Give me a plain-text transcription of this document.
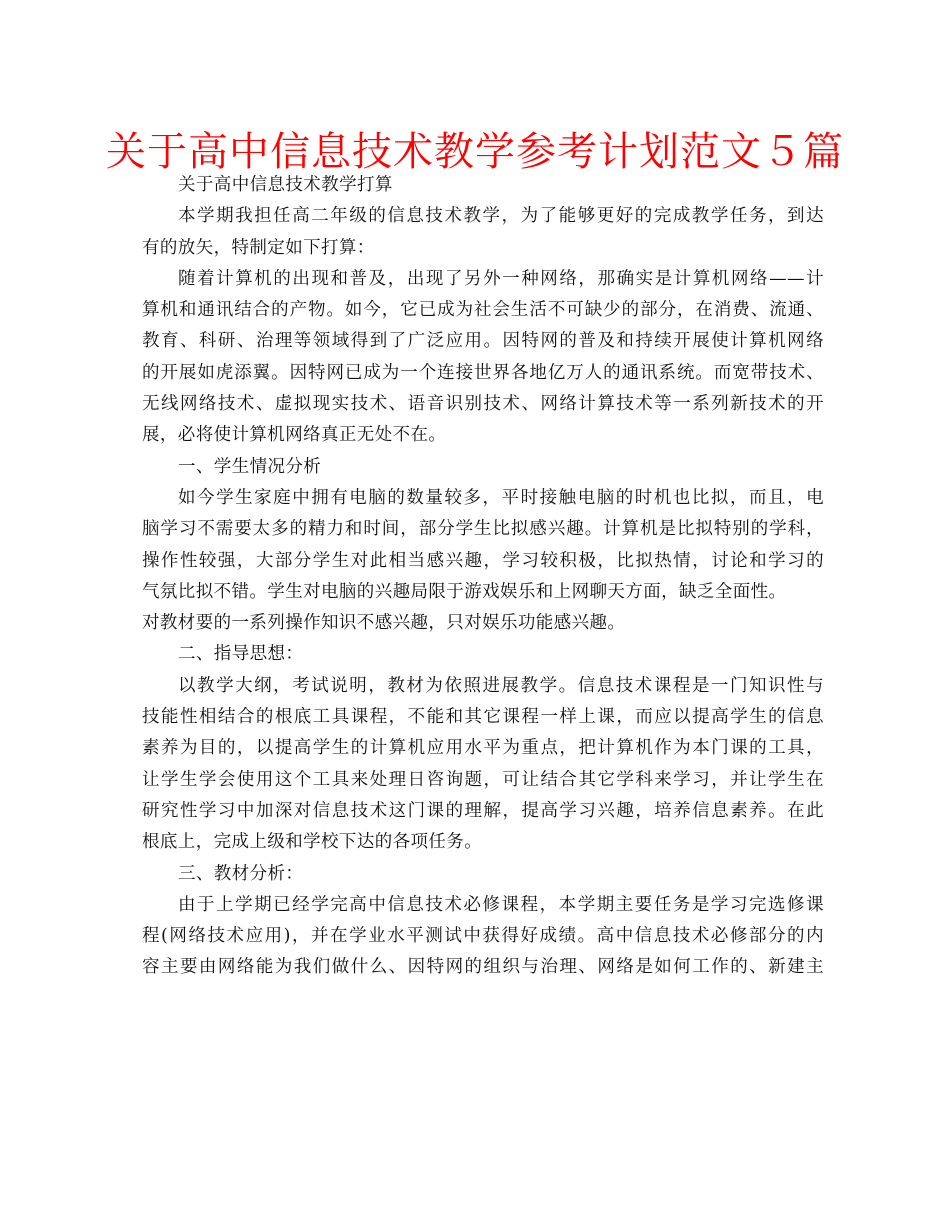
关于高中信息技术教学参考计划范文５篇
关于高中信息技术教学打算
本学期我担任高二年级的信息技术教学，为了能够更好的完成教学任务，到达
有的放矢，特制定如下打算：
随着计算机的出现和普及，出现了另外一种网络，那确实是计算机网络——计
算机和通讯结合的产物。如今，它已成为社会生活不可缺少的部分，在消费、流通、
教育、科研、治理等领域得到了广泛应用。因特网的普及和持续开展使计算机网络
的开展如虎添翼。因特网已成为一个连接世界各地亿万人的通讯系统。而宽带技术、
无线网络技术、虚拟现实技术、语音识别技术、网络计算技术等一系列新技术的开
展，必将使计算机网络真正无处不在。
一、学生情况分析
如今学生家庭中拥有电脑的数量较多，平时接触电脑的时机也比拟，而且，电
脑学习不需要太多的精力和时间，部分学生比拟感兴趣。计算机是比拟特别的学科，
操作性较强，大部分学生对此相当感兴趣，学习较积极，比拟热情，讨论和学习的
气氛比拟不错。学生对电脑的兴趣局限于游戏娱乐和上网聊天方面，缺乏全面性。
对教材要的一系列操作知识不感兴趣，只对娱乐功能感兴趣。
二、指导思想：
以教学大纲，考试说明，教材为依照进展教学。信息技术课程是一门知识性与
技能性相结合的根底工具课程，不能和其它课程一样上课，而应以提高学生的信息
素养为目的，以提高学生的计算机应用水平为重点，把计算机作为本门课的工具，
让学生学会使用这个工具来处理日咨询题，可让结合其它学科来学习，并让学生在
研究性学习中加深对信息技术这门课的理解，提高学习兴趣，培养信息素养。在此
根底上，完成上级和学校下达的各项任务。
三、教材分析：
由于上学期已经学完高中信息技术必修课程，本学期主要任务是学习完选修课
程(网络技术应用)，并在学业水平测试中获得好成绩。高中信息技术必修部分的内
容主要由网络能为我们做什么、因特网的组织与治理、网络是如何工作的、新建主
